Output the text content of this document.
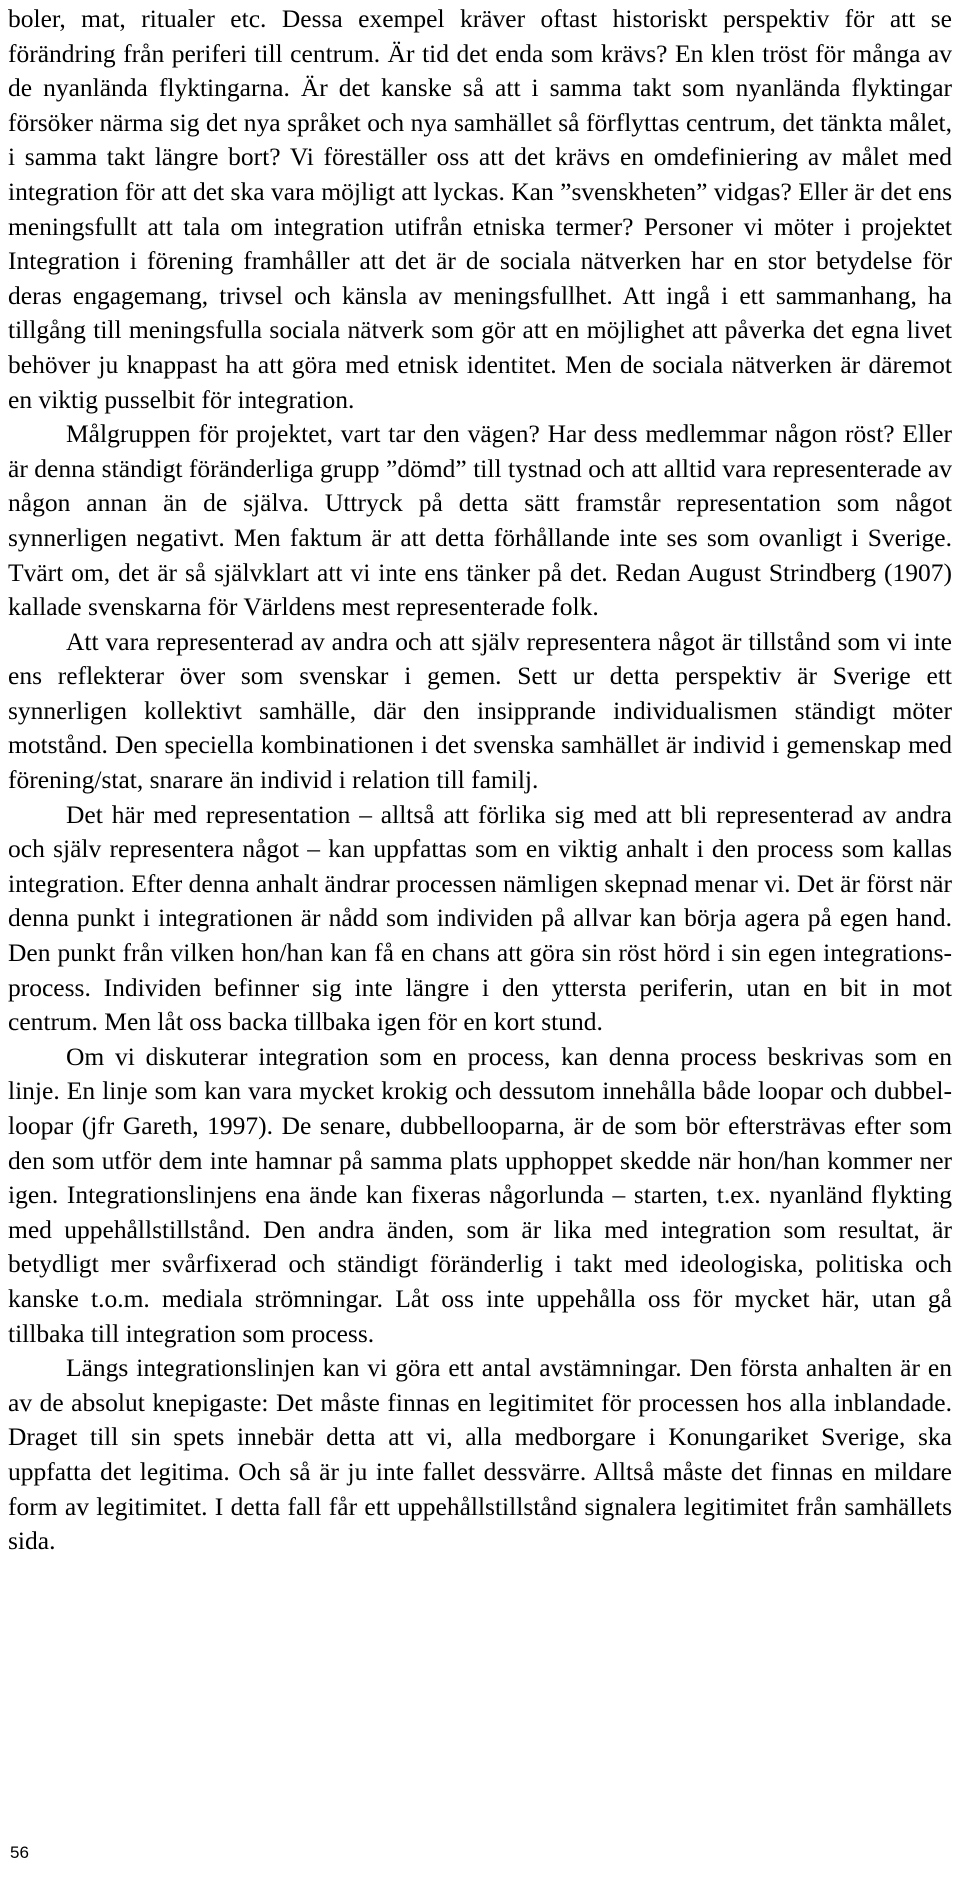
boler, mat, ritualer etc. Dessa exempel kräver oftast historiskt perspektiv för att se förändring från periferi till centrum. Är tid det enda som krävs? En klen tröst för många av de nyanlända flyktingarna. Är det kanske så att i samma takt som nyanlända flyktingar försöker närma sig det nya språket och nya samhället så förflyttas centrum, det tänkta målet, i samma takt längre bort? Vi föreställer oss att det krävs en omdefiniering av målet med integration för att det ska vara möjligt att lyckas. Kan ”svenskheten” vidgas? Eller är det ens meningsfullt att tala om integration utifrån etniska termer? Personer vi möter i projektet Integration i förening framhåller att det är de sociala nätverken har en stor betydelse för deras engagemang, trivsel och känsla av meningsfullhet. Att ingå i ett sammanhang, ha tillgång till meningsfulla sociala nätverk som gör att en möjlighet att påverka det egna livet behöver ju knappast ha att göra med etnisk identitet. Men de sociala nätverken är däremot en viktig pusselbit för integration.

Målgruppen för projektet, vart tar den vägen? Har dess medlemmar någon röst? Eller är denna ständigt föränderliga grupp ”dömd” till tystnad och att alltid vara representerade av någon annan än de själva. Uttryck på detta sätt framstår representation som något synnerligen negativt. Men faktum är att detta förhållande inte ses som ovanligt i Sverige. Tvärt om, det är så självklart att vi inte ens tänker på det. Redan August Strindberg (1907) kallade svenskarna för Världens mest representerade folk.

Att vara representerad av andra och att själv representera något är tillstånd som vi inte ens reflekterar över som svenskar i gemen. Sett ur detta perspektiv är Sverige ett synnerligen kollektivt samhälle, där den insipprande individualismen ständigt möter motstånd. Den speciella kombinationen i det svenska samhället är individ i gemenskap med förening/stat, snarare än individ i relation till familj.

Det här med representation – alltså att förlika sig med att bli representerad av andra och själv representera något – kan uppfattas som en viktig anhalt i den process som kallas integration. Efter denna anhalt ändrar processen nämligen skepnad menar vi. Det är först när denna punkt i integrationen är nådd som individen på allvar kan börja agera på egen hand. Den punkt från vilken hon/han kan få en chans att göra sin röst hörd i sin egen integrationsprocess. Individen befinner sig inte längre i den yttersta periferin, utan en bit in mot centrum. Men låt oss backa tillbaka igen för en kort stund.

Om vi diskuterar integration som en process, kan denna process beskrivas som en linje. En linje som kan vara mycket krokig och dessutom innehålla både loopar och dubbel-loopar (jfr Gareth, 1997). De senare, dubbellooparna, är de som bör eftersträvas efter som den som utför dem inte hamnar på samma plats upphoppet skedde när hon/han kommer ner igen. Integrationslinjens ena ände kan fixeras någorlunda – starten, t.ex. nyanländ flykting med uppehållstillstånd. Den andra änden, som är lika med integration som resultat, är betydligt mer svårfixerad och ständigt föränderlig i takt med ideologiska, politiska och kanske t.o.m. mediala strömningar. Låt oss inte uppehålla oss för mycket här, utan gå tillbaka till integration som process.

Längs integrationslinjen kan vi göra ett antal avstämningar. Den första anhalten är en av de absolut knepigaste: Det måste finnas en legitimitet för processen hos alla inblandade. Draget till sin spets innebär detta att vi, alla medborgare i Konungariket Sverige, ska uppfatta det legitima. Och så är ju inte fallet dessvärre. Alltså måste det finnas en mildare form av legitimitet. I detta fall får ett uppehållstillstånd signalera legitimitet från samhällets sida.

56
